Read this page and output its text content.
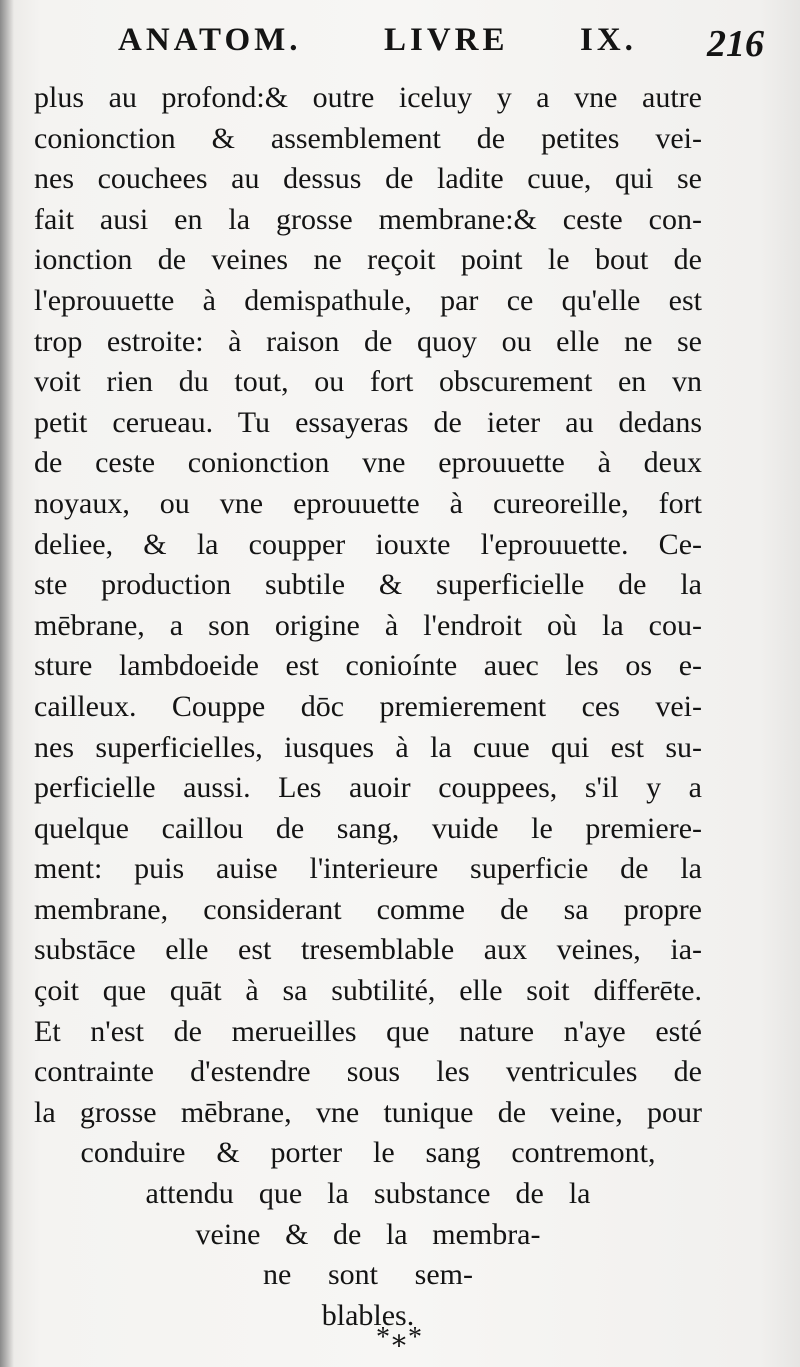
ANATOM. LIVRE IX. 216
plus au profond:& outre iceluy y a vne autre
conionction & assemblement de petites vei-
nes couchees au dessus de ladite cuue, qui se
fait ausi en la grosse membrane:& ceste con-
ionction de veines ne reçoit point le bout de
l'eprouuette à demispathule, par ce qu'elle est
trop estroite: à raison de quoy ou elle ne se
voit rien du tout, ou fort obscurement en vn
petit cerueau. Tu essayeras de ieter au dedans
de ceste conionction vne eprouuette à deux
noyaux, ou vne eprouuette à cureoreille, fort
deliee, & la coupper iouxte l'eprouuette. Ce-
ste production subtile & superficielle de la
mēbrane, a son origine à l'endroit où la cou-
sture lambdoeide est conioínte auec les os e-
cailleux. Couppe dōc premierement ces vei-
nes superficielles, iusques à la cuue qui est su-
perficielle aussi. Les auoir couppees, s'il y a
quelque caillou de sang, vuide le premiere-
ment: puis auise l'interieure superficie de la
membrane, considerant comme de sa propre
substāce elle est tresemblable aux veines, ia-
çoit que quāt à sa subtilité, elle soit differēte.
Et n'est de merueilles que nature n'aye esté
contrainte d'estendre sous les ventricules de
la grosse mēbrane, vne tunique de veine, pour
conduire & porter le sang contremont,
attendu que la substance de la
veine & de la membra-
ne sont sem-
blables.
*⁎*
